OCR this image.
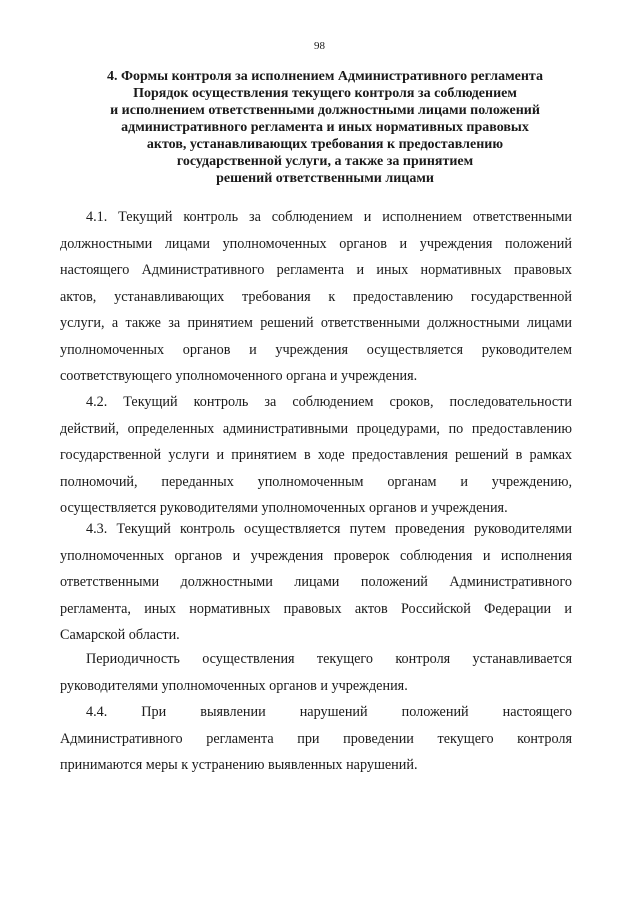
98
4. Формы контроля за исполнением Административного регламента
Порядок осуществления текущего контроля за соблюдением
и исполнением ответственными должностными лицами положений
административного регламента и иных нормативных правовых
актов, устанавливающих требования к предоставлению
государственной услуги, а также за принятием
решений ответственными лицами
4.1. Текущий контроль за соблюдением и исполнением ответственными
должностными лицами уполномоченных органов и учреждения положений
настоящего Административного регламента и иных нормативных правовых
актов, устанавливающих требования к предоставлению государственной
услуги, а также за принятием решений ответственными должностными лицами
уполномоченных органов и учреждения осуществляется руководителем
соответствующего уполномоченного органа и учреждения.
4.2. Текущий контроль за соблюдением сроков, последовательности
действий, определенных административными процедурами, по предоставлению
государственной услуги и принятием в ходе предоставления решений в рамках
полномочий, переданных уполномоченным органам и учреждению,
осуществляется руководителями уполномоченных органов и учреждения.
4.3. Текущий контроль осуществляется путем проведения руководителями
уполномоченных органов и учреждения проверок соблюдения и исполнения
ответственными должностными лицами положений Административного
регламента, иных нормативных правовых актов Российской Федерации и
Самарской области.
Периодичность осуществления текущего контроля устанавливается
руководителями уполномоченных органов и учреждения.
4.4. При выявлении нарушений положений настоящего
Административного регламента при проведении текущего контроля
принимаются меры к устранению выявленных нарушений.
